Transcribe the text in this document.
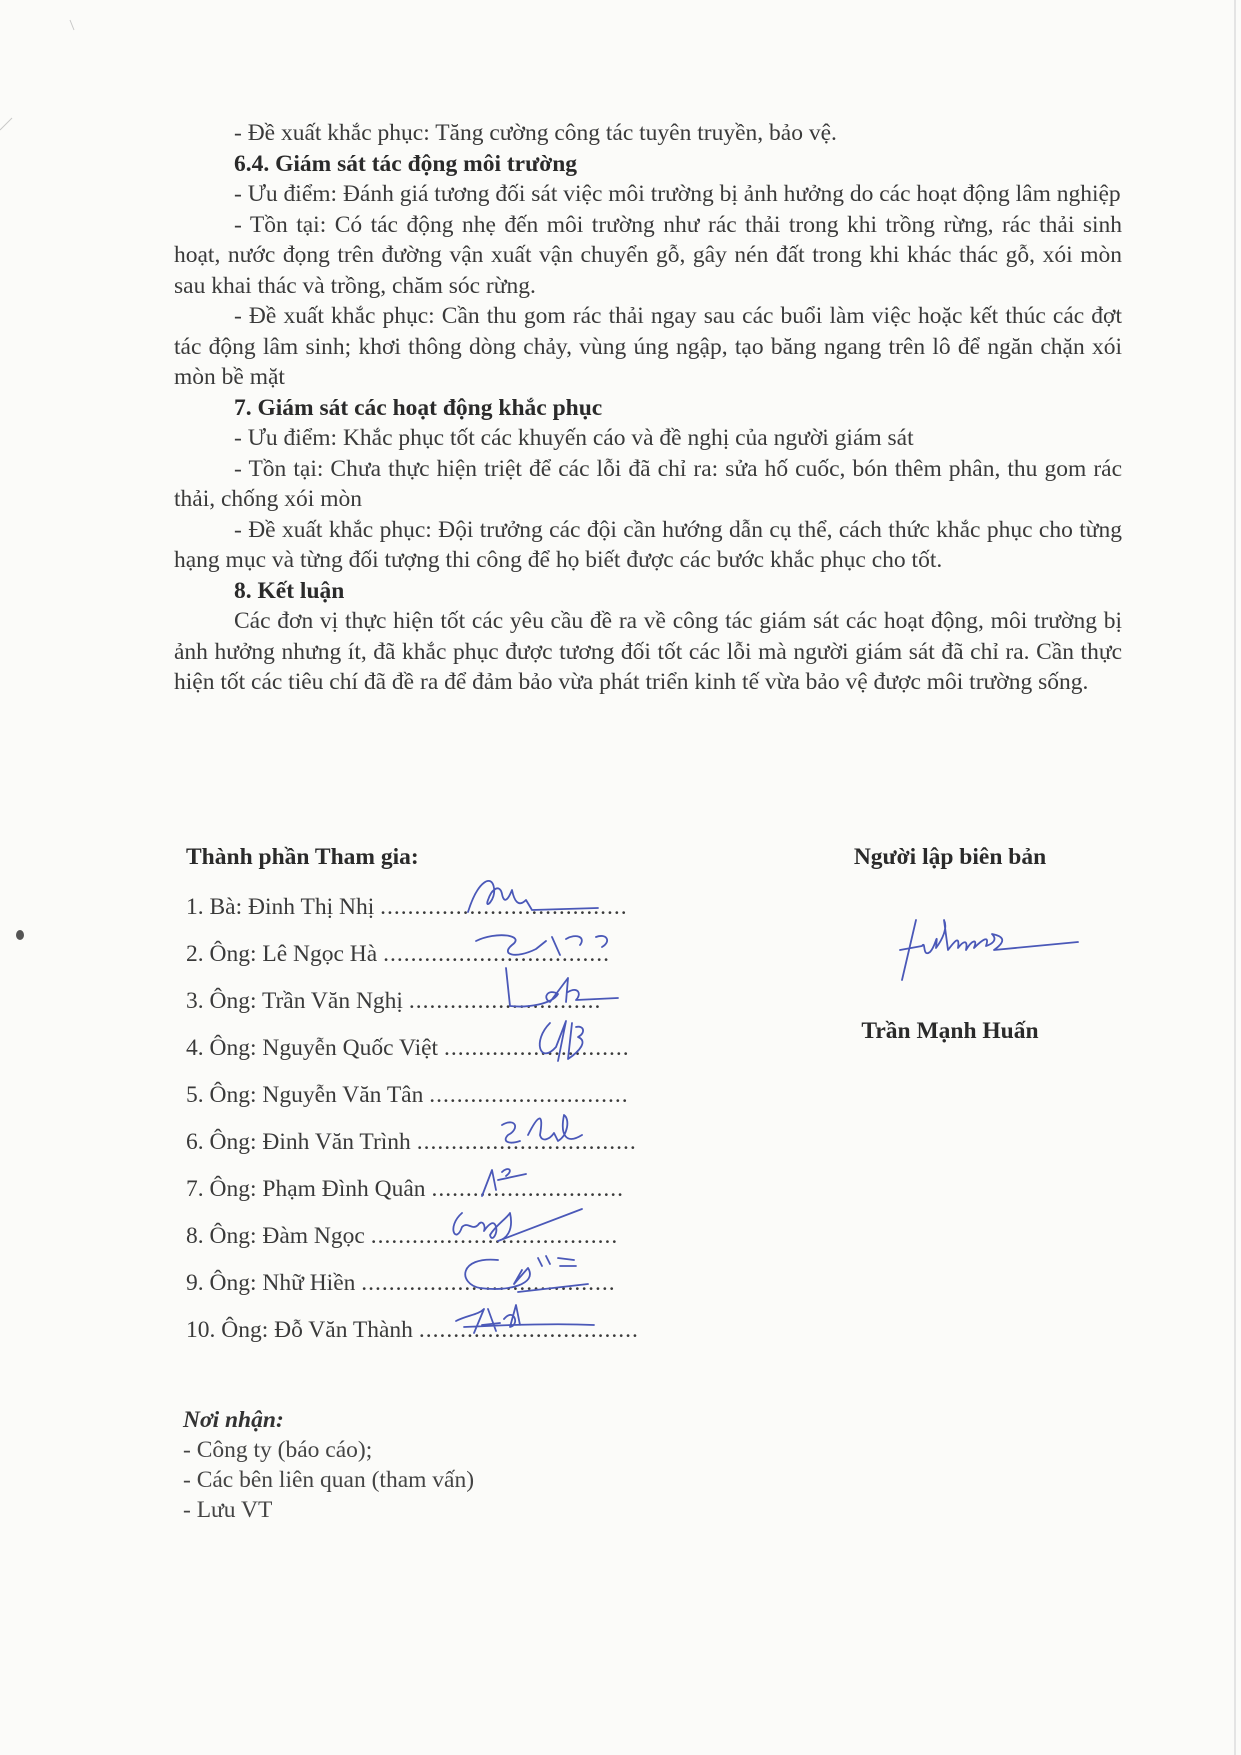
- Đề xuất khắc phục: Tăng cường công tác tuyên truyền, bảo vệ.

6.4. Giám sát tác động môi trường

- Ưu điểm: Đánh giá tương đối sát việc môi trường bị ảnh hưởng do các hoạt động lâm nghiệp

- Tồn tại: Có tác động nhẹ đến môi trường như rác thải trong khi trồng rừng, rác thải sinh hoạt, nước đọng trên đường vận xuất vận chuyển gỗ, gây nén đất trong khi khác thác gỗ, xói mòn sau khai thác và trồng, chăm sóc rừng.

- Đề xuất khắc phục: Cần thu gom rác thải ngay sau các buổi làm việc hoặc kết thúc các đợt tác động lâm sinh; khơi thông dòng chảy, vùng úng ngập, tạo băng ngang trên lô để ngăn chặn xói mòn bề mặt

7. Giám sát các hoạt động khắc phục

- Ưu điểm: Khắc phục tốt các khuyến cáo và đề nghị của người giám sát

- Tồn tại: Chưa thực hiện triệt để các lỗi đã chỉ ra: sửa hố cuốc, bón thêm phân, thu gom rác thải, chống xói mòn

- Đề xuất khắc phục: Đội trưởng các đội cần hướng dẫn cụ thể, cách thức khắc phục cho từng hạng mục và từng đối tượng thi công để họ biết được các bước khắc phục cho tốt.

8. Kết luận

Các đơn vị thực hiện tốt các yêu cầu đề ra về công tác giám sát các hoạt động, môi trường bị ảnh hưởng nhưng ít, đã khắc phục được tương đối tốt các lỗi mà người giám sát đã chỉ ra. Cần thực hiện tốt các tiêu chí đã đề ra để đảm bảo vừa phát triển kinh tế vừa bảo vệ được môi trường sống.

Thành phần Tham gia:
1. Bà: Đinh Thị Nhị ....................................
2. Ông: Lê Ngọc Hà .................................
3. Ông: Trần Văn Nghị ............................
4. Ông: Nguyễn Quốc Việt ...........................
5. Ông: Nguyễn Văn Tân .............................
6. Ông: Đinh Văn Trình ................................
7. Ông: Phạm Đình Quân ............................
8. Ông: Đàm Ngọc ....................................
9. Ông: Nhữ Hiền .....................................
10. Ông: Đỗ Văn Thành ................................
Người lập biên bản
Trần Mạnh Huấn
Nơi nhận:
- Công ty (báo cáo);
- Các bên liên quan (tham vấn)
- Lưu VT
